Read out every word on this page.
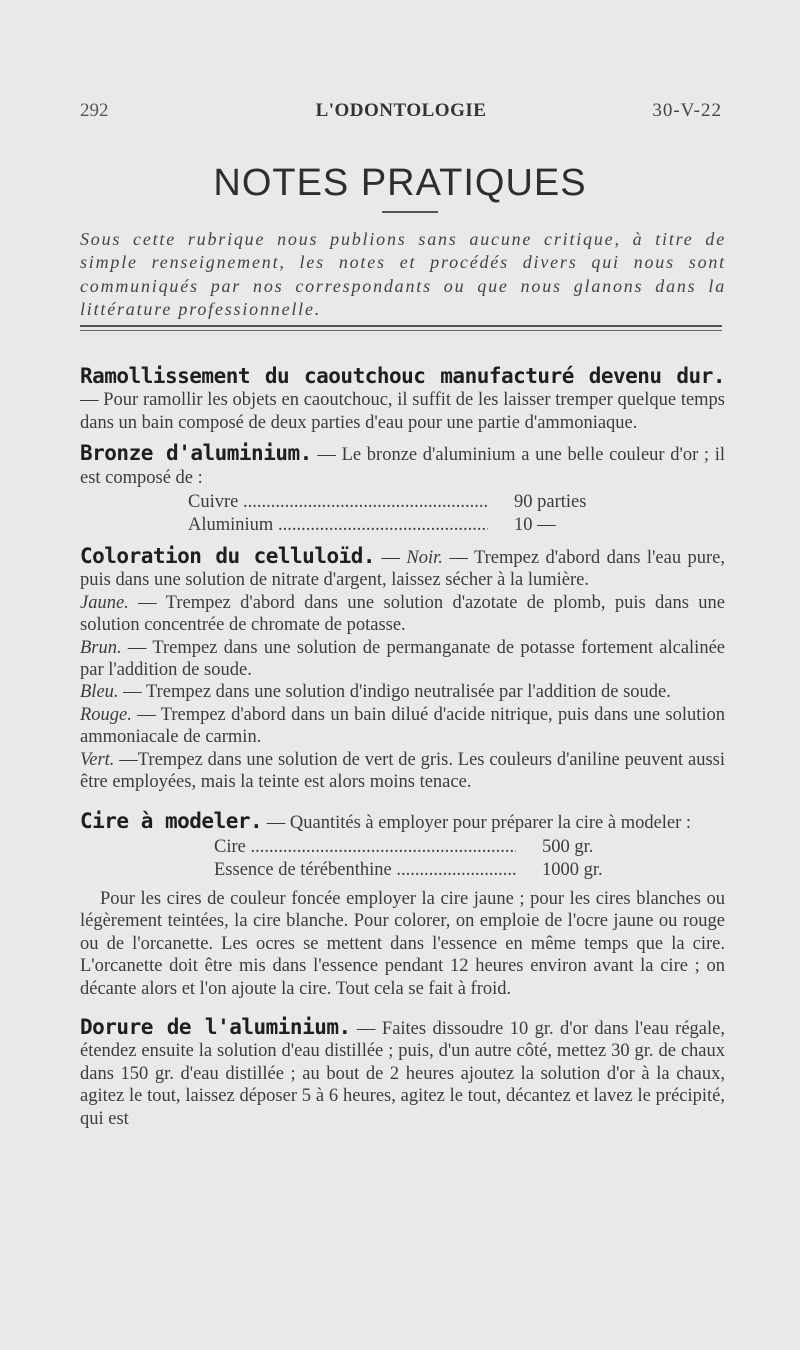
292	L'ODONTOLOGIE	30-V-22
NOTES PRATIQUES

Sous cette rubrique nous publions sans aucune critique, à titre de simple renseignement, les notes et procédés divers qui nous sont communiqués par nos correspondants ou que nous glanons dans la littérature professionnelle.

Ramollissement du caoutchouc manufacturé devenu dur. — Pour ramollir les objets en caoutchouc, il suffit de les laisser tremper quelque temps dans un bain composé de deux parties d'eau pour une partie d'ammoniaque.

Bronze d'aluminium. — Le bronze d'aluminium a une belle couleur d'or ; il est composé de :

Cuivre .....	90 parties
Aluminium .....	10 —

Coloration du celluloïd. — Noir. — Trempez d'abord dans l'eau pure, puis dans une solution de nitrate d'argent, laissez sécher à la lumière.

Jaune. — Trempez d'abord dans une solution d'azotate de plomb, puis dans une solution concentrée de chromate de potasse.

Brun. — Trempez dans une solution de permanganate de potasse fortement alcalinée par l'addition de soude.

Bleu. — Trempez dans une solution d'indigo neutralisée par l'addition de soude.

Rouge. — Trempez d'abord dans un bain dilué d'acide nitrique, puis dans une solution ammoniacale de carmin.

Vert. —Trempez dans une solution de vert de gris. Les couleurs d'aniline peuvent aussi être employées, mais la teinte est alors moins tenace.

Cire à modeler. — Quantités à employer pour préparer la cire à modeler :

Cire .....	500 gr.
Essence de térébenthine .....	1000 gr.

Pour les cires de couleur foncée employer la cire jaune ; pour les cires blanches ou légèrement teintées, la cire blanche. Pour colorer, on emploie de l'ocre jaune ou rouge ou de l'orcanette. Les ocres se mettent dans l'essence en même temps que la cire. L'orcanette doit être mis dans l'essence pendant 12 heures environ avant la cire ; on décante alors et l'on ajoute la cire. Tout cela se fait à froid.

Dorure de l'aluminium. — Faites dissoudre 10 gr. d'or dans l'eau régale, étendez ensuite la solution d'eau distillée ; puis, d'un autre côté, mettez 30 gr. de chaux dans 150 gr. d'eau distillée ; au bout de 2 heures ajoutez la solution d'or à la chaux, agitez le tout, laissez déposer 5 à 6 heures, agitez le tout, décantez et lavez le précipité, qui est
